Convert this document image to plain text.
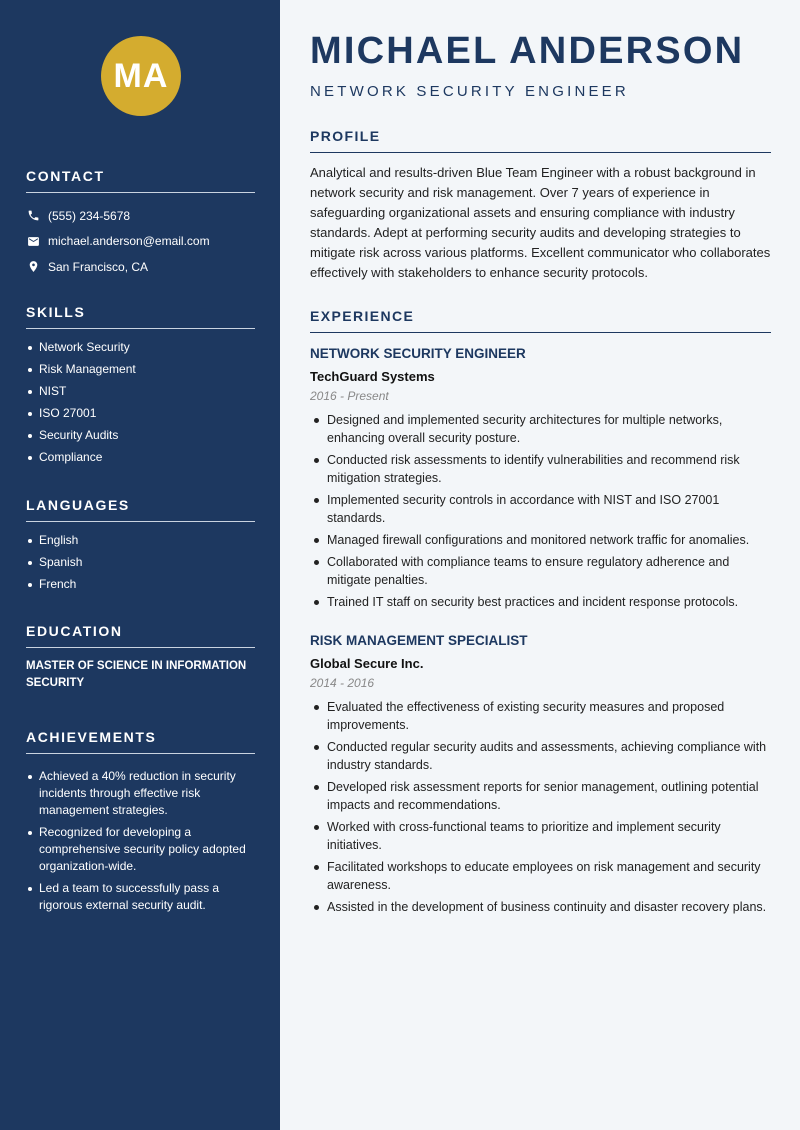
MA
CONTACT
(555) 234-5678
michael.anderson@email.com
San Francisco, CA
SKILLS
Network Security
Risk Management
NIST
ISO 27001
Security Audits
Compliance
LANGUAGES
English
Spanish
French
EDUCATION
MASTER OF SCIENCE IN INFORMATION SECURITY
ACHIEVEMENTS
Achieved a 40% reduction in security incidents through effective risk management strategies.
Recognized for developing a comprehensive security policy adopted organization-wide.
Led a team to successfully pass a rigorous external security audit.
MICHAEL ANDERSON
NETWORK SECURITY ENGINEER
PROFILE
Analytical and results-driven Blue Team Engineer with a robust background in network security and risk management. Over 7 years of experience in safeguarding organizational assets and ensuring compliance with industry standards. Adept at performing security audits and developing strategies to mitigate risk across various platforms. Excellent communicator who collaborates effectively with stakeholders to enhance security protocols.
EXPERIENCE
NETWORK SECURITY ENGINEER
TechGuard Systems
2016 - Present
Designed and implemented security architectures for multiple networks, enhancing overall security posture.
Conducted risk assessments to identify vulnerabilities and recommend risk mitigation strategies.
Implemented security controls in accordance with NIST and ISO 27001 standards.
Managed firewall configurations and monitored network traffic for anomalies.
Collaborated with compliance teams to ensure regulatory adherence and mitigate penalties.
Trained IT staff on security best practices and incident response protocols.
RISK MANAGEMENT SPECIALIST
Global Secure Inc.
2014 - 2016
Evaluated the effectiveness of existing security measures and proposed improvements.
Conducted regular security audits and assessments, achieving compliance with industry standards.
Developed risk assessment reports for senior management, outlining potential impacts and recommendations.
Worked with cross-functional teams to prioritize and implement security initiatives.
Facilitated workshops to educate employees on risk management and security awareness.
Assisted in the development of business continuity and disaster recovery plans.
